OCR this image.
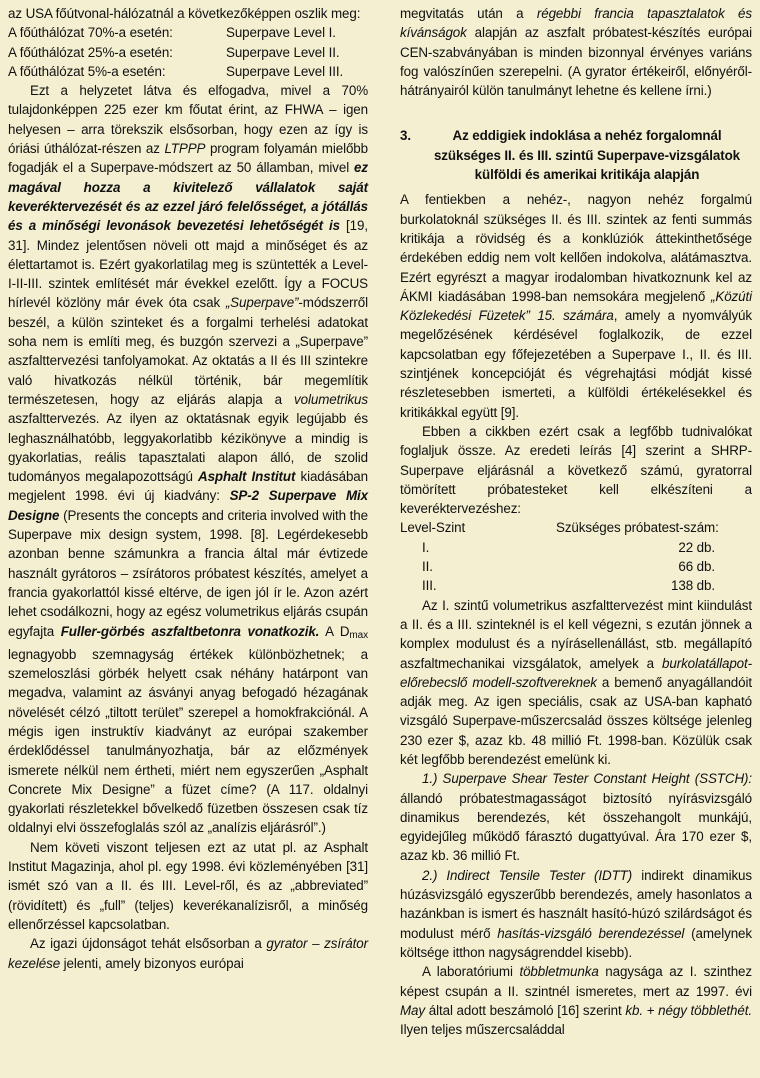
az USA főútvonal-hálózatnál a következőképpen oszlik meg:

A főúthálózat 70%-a esetén:	Superpave Level I.
A főúthálózat 25%-a esetén:	Superpave Level II.
A főúthálózat 5%-a esetén:	Superpave Level III.

Ezt a helyzetet látva és elfogadva, mivel a 70% tulajdonképpen 225 ezer km főutat érint, az FHWA – igen helyesen – arra törekszik elsősorban, hogy ezen az így is óriási úthálózat-részen az LTPPP program folyamán mielőbb fogadják el a Superpave-módszert az 50 államban, mivel ez magával hozza a kivitelező vállalatok saját keveréktervezését és az ezzel járó felelősséget, a jótállás és a minőségi levonások bevezetési lehetőségét is [19, 31]. Mindez jelentősen növeli ott majd a minőséget és az élettartamot is. Ezért gyakorlatilag meg is szüntették a Level-I-II-III. szintek említését már évekkel ezelőtt. Így a FOCUS hírlevél közlöny már évek óta csak „Superpave”-módszerről beszél, a külön szinteket és a forgalmi terhelési adatokat soha nem is említi meg, és buzgón szervezi a „Superpave” aszfalttervezési tanfolyamokat. Az oktatás a II és III szintekre való hivatkozás nélkül történik, bár megemlítik természetesen, hogy az eljárás alapja a volumetrikus aszfalttervezés. Az ilyen az oktatásnak egyik legújabb és leghasználhatóbb, leggyakorlatibb kézikönyve a mindig is gyakorlatias, reális tapasztalati alapon álló, de szolid tudományos megalapozottságú Asphalt Institut kiadásában megjelent 1998. évi új kiadvány: SP-2 Superpave Mix Designe (Presents the concepts and criteria involved with the Superpave mix design system, 1998. [8]. Legérdekesebb azonban benne számunkra a francia által már évtizede használt gyrátoros – zsírátoros próbatest készítés, amelyet a francia gyakorlattól kissé eltérve, de igen jól ír le. Azon azért lehet csodálkozni, hogy az egész volumetrikus eljárás csupán egyfajta Fuller-görbés aszfaltbetonra vonatkozik. A $D_{max}$ legnagyobb szemnagyság értékek különbözhetnek; a szemeloszlási görbék helyett csak néhány határpont van megadva, valamint az ásványi anyag befogadó hézagának növelését célzó „tiltott terület” szerepel a homokfrakciónál. A mégis igen instruktív kiadványt az európai szakember érdeklődéssel tanulmányozhatja, bár az előzmények ismerete nélkül nem értheti, miért nem egyszerűen „Asphalt Concrete Mix Designe” a füzet címe? (A 117. oldalnyi gyakorlati részletekkel bővelkedő füzetben összesen csak tíz oldalnyi elvi összefoglalás szól az „analízis eljárásról”.)

Nem követi viszont teljesen ezt az utat pl. az Asphalt Institut Magazinja, ahol pl. egy 1998. évi közleményében [31] ismét szó van a II. és III. Level-ről, és az „abbreviated” (rövidített) és „full” (teljes) keverékanalízisről, a minőség ellenőrzéssel kapcsolatban.

Az igazi újdonságot tehát elsősorban a gyrator – zsírátor kezelése jelenti, amely bizonyos európai

megvitatás után a régebbi francia tapasztalatok és kívánságok alapján az aszfalt próbatest-készítés európai CEN-szabványában is minden bizonnyal érvényes variáns fog valószínűen szerepelni. (A gyrator értékeiről, előnyéről-hátrányairól külön tanulmányt lehetne és kellene írni.)

3.	Az eddigiek indoklása a nehéz forgalomnál szükséges II. és III. szintű Superpave-vizsgálatok külföldi és amerikai kritikája alapján

A fentiekben a nehéz-, nagyon nehéz forgalmú burkolatoknál szükséges II. és III. szintek az fenti summás kritikája a rövidség és a konklúziók áttekinthetősége érdekében eddig nem volt kellően indokolva, alátámasztva. Ezért egyrészt a magyar irodalomban hivatkoznunk kel az ÁKMI kiadásában 1998-ban nemsokára megjelenő „Közúti Közlekedési Füzetek” 15. számára, amely a nyomvályúk megelőzésének kérdésével foglalkozik, de ezzel kapcsolatban egy főfejezetében a Superpave I., II. és III. szintjének koncepcióját és végrehajtási módját kissé részletesebben ismerteti, a külföldi értékelésekkel és kritikákkal együtt [9].

Ebben a cikkben ezért csak a legfőbb tudnivalókat foglaljuk össze. Az eredeti leírás [4] szerint a SHRP-Superpave eljárásnál a következő számú, gyratorral tömörített próbatesteket kell elkészíteni a keveréktervezéshez:

Level-Szint	Szükséges próbatest-szám:
I.	22 db.
II.	66 db.
III.	138 db.

Az I. szintű volumetrikus aszfalttervezést mint kiindulást a II. és a III. szinteknél is el kell végezni, s ezután jönnek a komplex modulust és a nyírásellenállást, stb. megállapító aszfaltmechanikai vizsgálatok, amelyek a burkolatállapot-előrebecslő modell-szoftvereknek a bemenő anyagállandóit adják meg. Az igen speciális, csak az USA-ban kapható vizsgáló Superpave-műszercsalád összes költsége jelenleg 230 ezer $, azaz kb. 48 millió Ft. 1998-ban. Közülük csak két legfőbb berendezést emelünk ki.

1.) Superpave Shear Tester Constant Height (SSTCH): állandó próbatestmagasságot biztosító nyírásvizsgáló dinamikus berendezés, két összehangolt munkájú, egyidejűleg működő fárasztó dugattyúval. Ára 170 ezer $, azaz kb. 36 millió Ft.

2.) Indirect Tensile Tester (IDTT) indirekt dinamikus húzásvizsgáló egyszerűbb berendezés, amely hasonlatos a hazánkban is ismert és használt hasító-húzó szilárdságot és modulust mérő hasítás-vizsgáló berendezéssel (amelynek költsége itthon nagyságrenddel kisebb).

A laboratóriumi többletmunka nagysága az I. szinthez képest csupán a II. szintnél ismeretes, mert az 1997. évi May által adott beszámoló [16] szerint kb. + négy többlethét. Ilyen teljes műszercsaláddal
